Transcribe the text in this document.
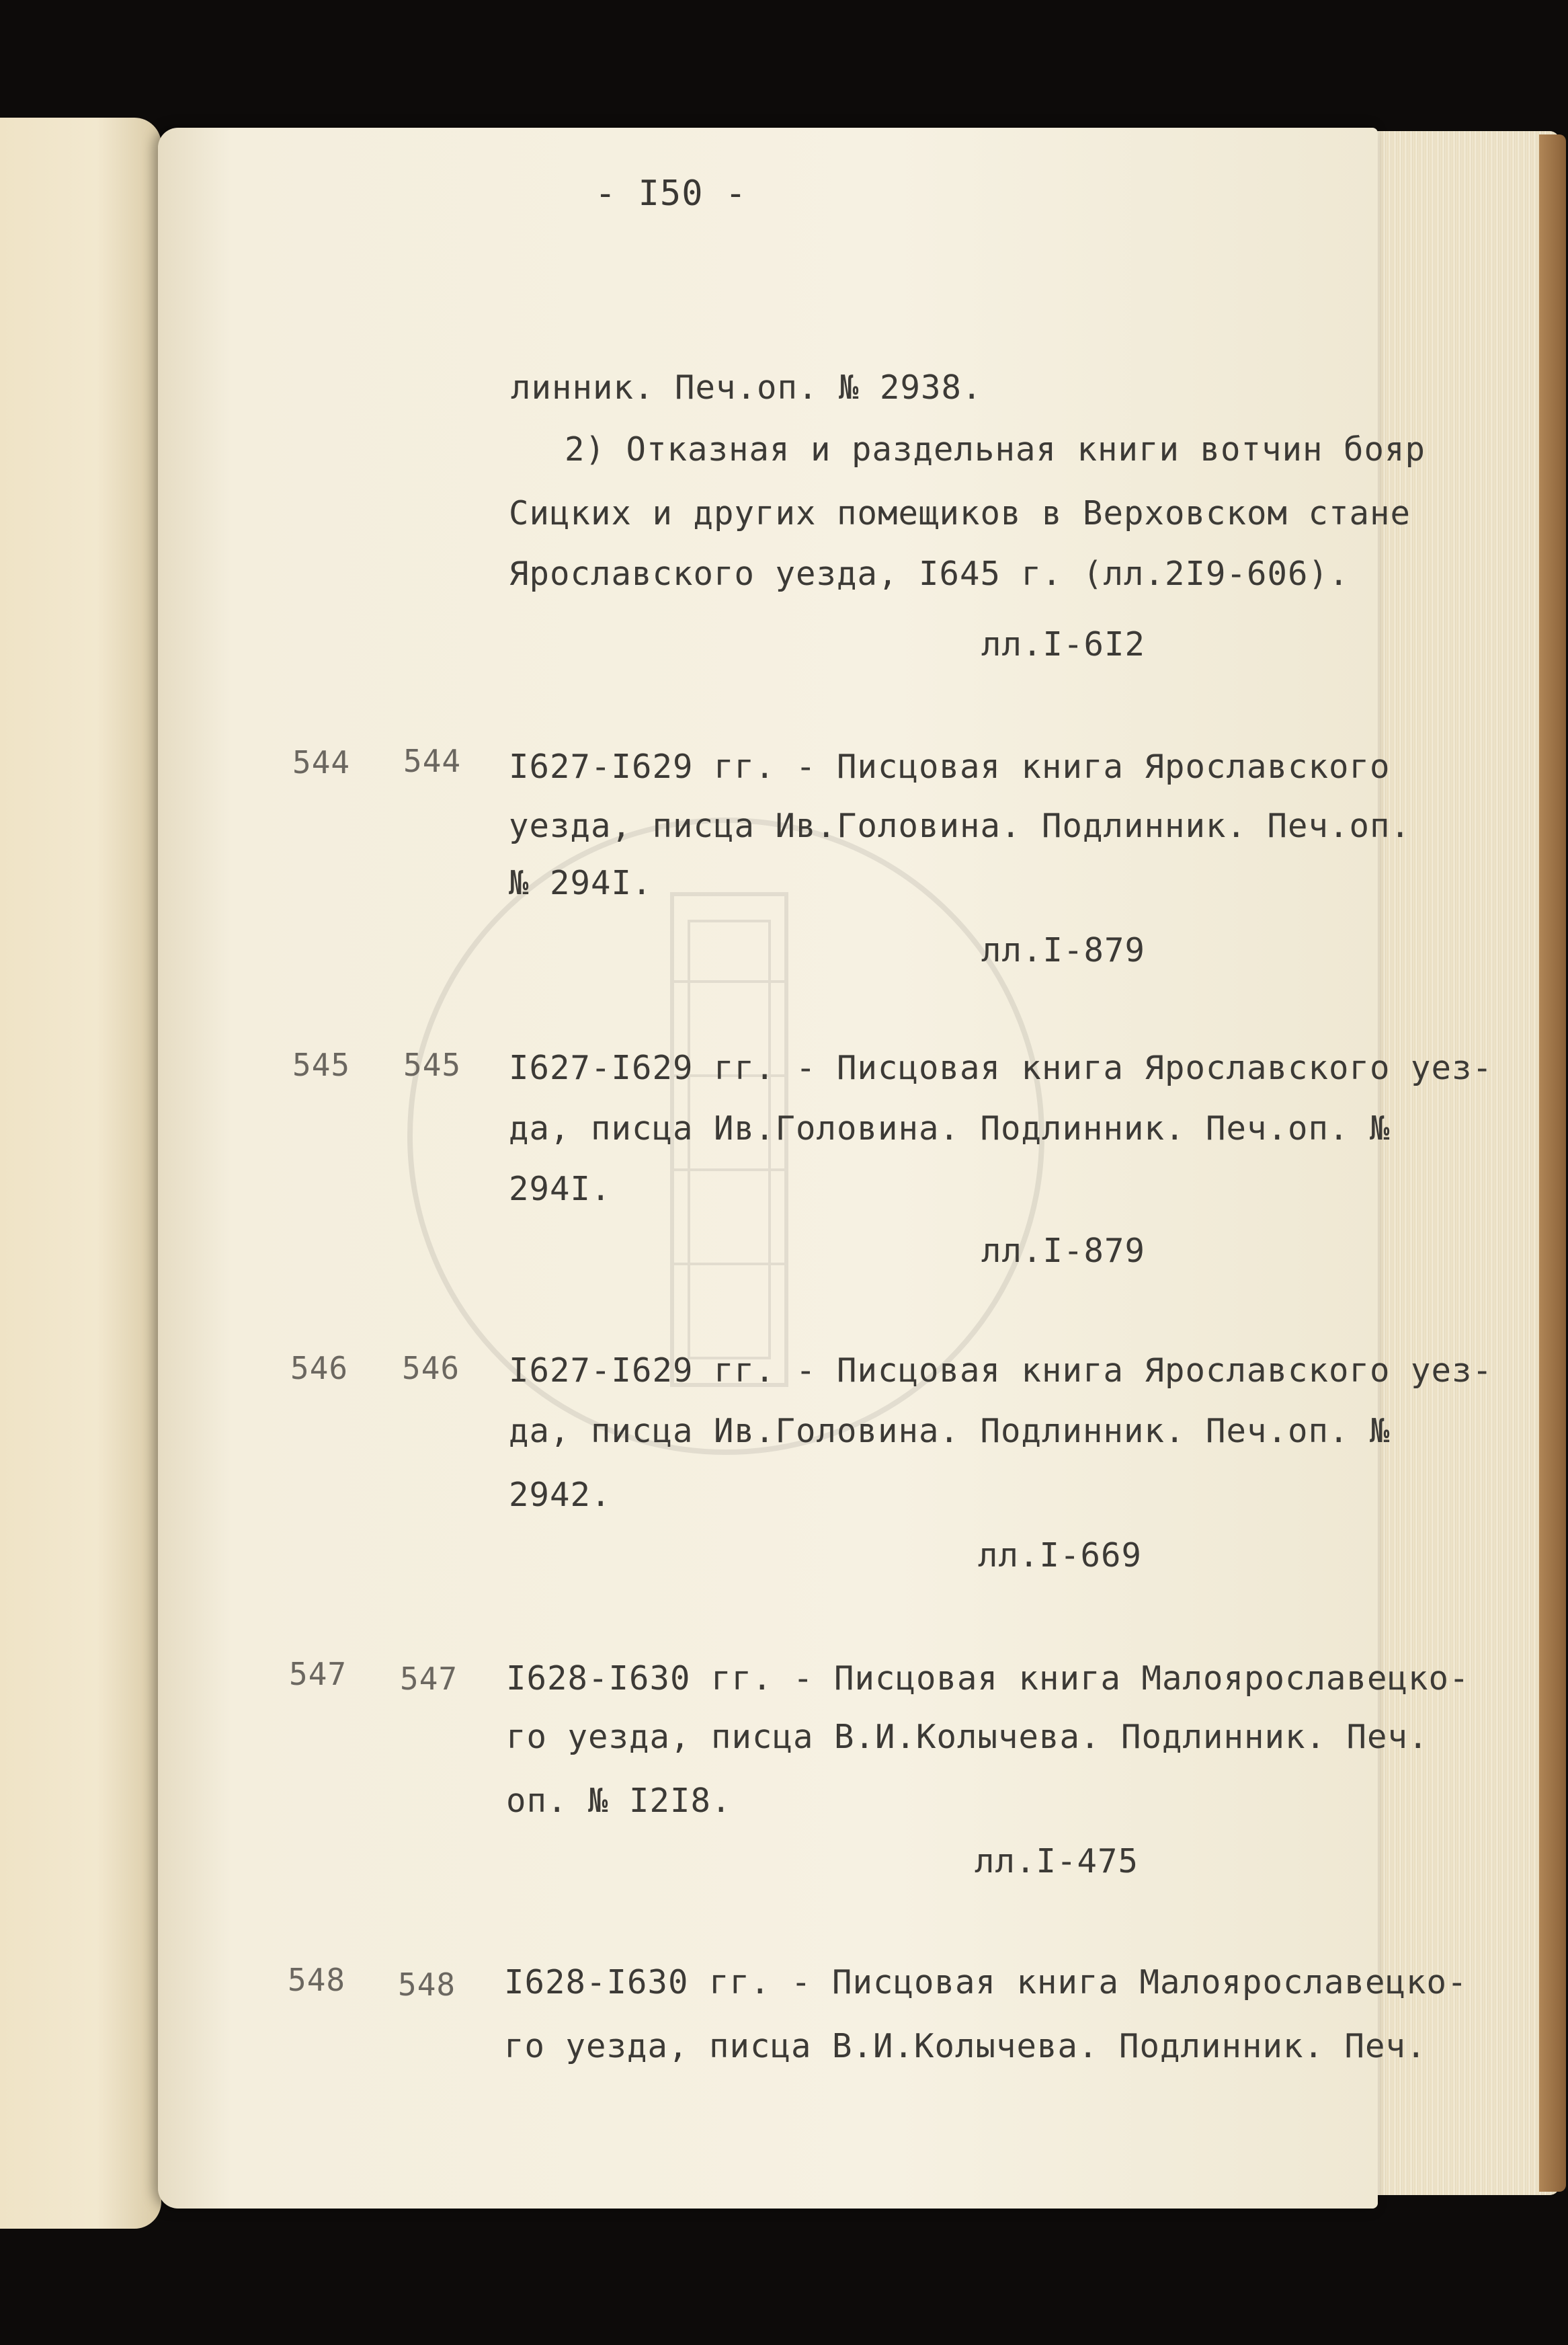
- I50 -
линник. Печ.оп. № 2938.
2) Отказная и раздельная книги вотчин бояр
Сицких и других помещиков в Верховском стане
Ярославского уезда, I645 г. (лл.2I9-606).
лл.I-6I2
544 544 I627-I629 гг. - Писцовая книга Ярославского
уезда, писца Ив.Головина. Подлинник. Печ.оп.
№ 294I.
лл.I-879
545 545 I627-I629 гг. - Писцовая книга Ярославского уез-
да, писца Ив.Головина. Подлинник. Печ.оп. №
294I.
лл.I-879
546 546 I627-I629 гг. - Писцовая книга Ярославского уез-
да, писца Ив.Головина. Подлинник. Печ.оп. №
2942.
лл.I-669
547 547 I628-I630 гг. - Писцовая книга Малоярославецко-
го уезда, писца В.И.Колычева. Подлинник. Печ.
оп. № I2I8.
лл.I-475
548 548 I628-I630 гг. - Писцовая книга Малоярославецко-
го уезда, писца В.И.Колычева. Подлинник. Печ.
